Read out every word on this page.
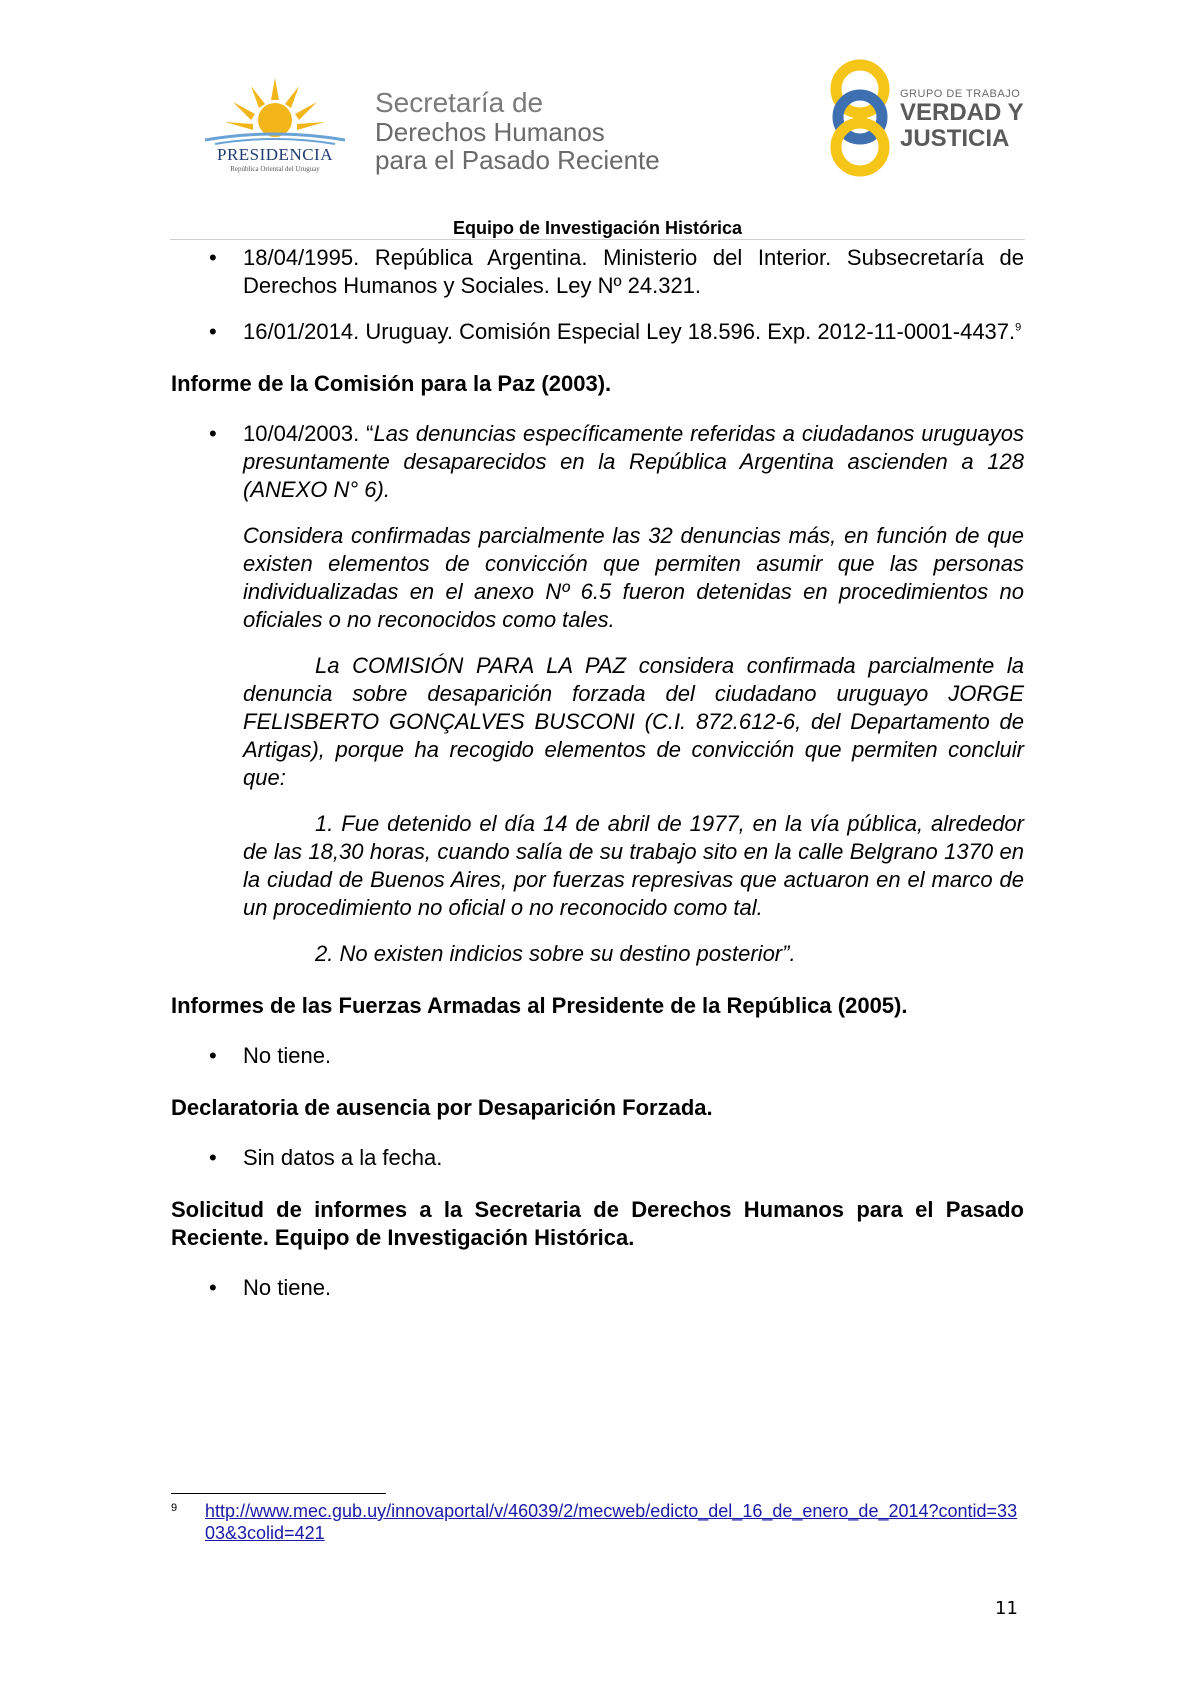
PRESIDENCIA
República Oriental del Uruguay
Secretaría de
Derechos Humanos
para el Pasado Reciente
GRUPO DE TRABAJO
VERDAD Y
JUSTICIA
Equipo de Investigación Histórica
• 18/04/1995. República Argentina. Ministerio del Interior. Subsecretaría de Derechos Humanos y Sociales. Ley Nº 24.321.
• 16/01/2014. Uruguay. Comisión Especial Ley 18.596. Exp. 2012-11-0001-4437.$^9$
Informe de la Comisión para la Paz (2003).
• 10/04/2003. “Las denuncias específicamente referidas a ciudadanos uruguayos presuntamente desaparecidos en la República Argentina ascienden a 128 (ANEXO N° 6).
Considera confirmadas parcialmente las 32 denuncias más, en función de que existen elementos de convicción que permiten asumir que las personas individualizadas en el anexo Nº 6.5 fueron detenidas en procedimientos no oficiales o no reconocidos como tales.
La COMISIÓN PARA LA PAZ considera confirmada parcialmente la denuncia sobre desaparición forzada del ciudadano uruguayo JORGE FELISBERTO GONÇALVES BUSCONI (C.I. 872.612-6, del Departamento de Artigas), porque ha recogido elementos de convicción que permiten concluir que:
1. Fue detenido el día 14 de abril de 1977, en la vía pública, alrededor de las 18,30 horas, cuando salía de su trabajo sito en la calle Belgrano 1370 en la ciudad de Buenos Aires, por fuerzas represivas que actuaron en el marco de un procedimiento no oficial o no reconocido como tal.
2. No existen indicios sobre su destino posterior”.
Informes de las Fuerzas Armadas al Presidente de la República (2005).
• No tiene.
Declaratoria de ausencia por Desaparición Forzada.
• Sin datos a la fecha.
Solicitud de informes a la Secretaria de Derechos Humanos para el Pasado Reciente. Equipo de Investigación Histórica.
• No tiene.
9 http://www.mec.gub.uy/innovaportal/v/46039/2/mecweb/edicto_del_16_de_enero_de_2014?contid=3303&3colid=421
11
